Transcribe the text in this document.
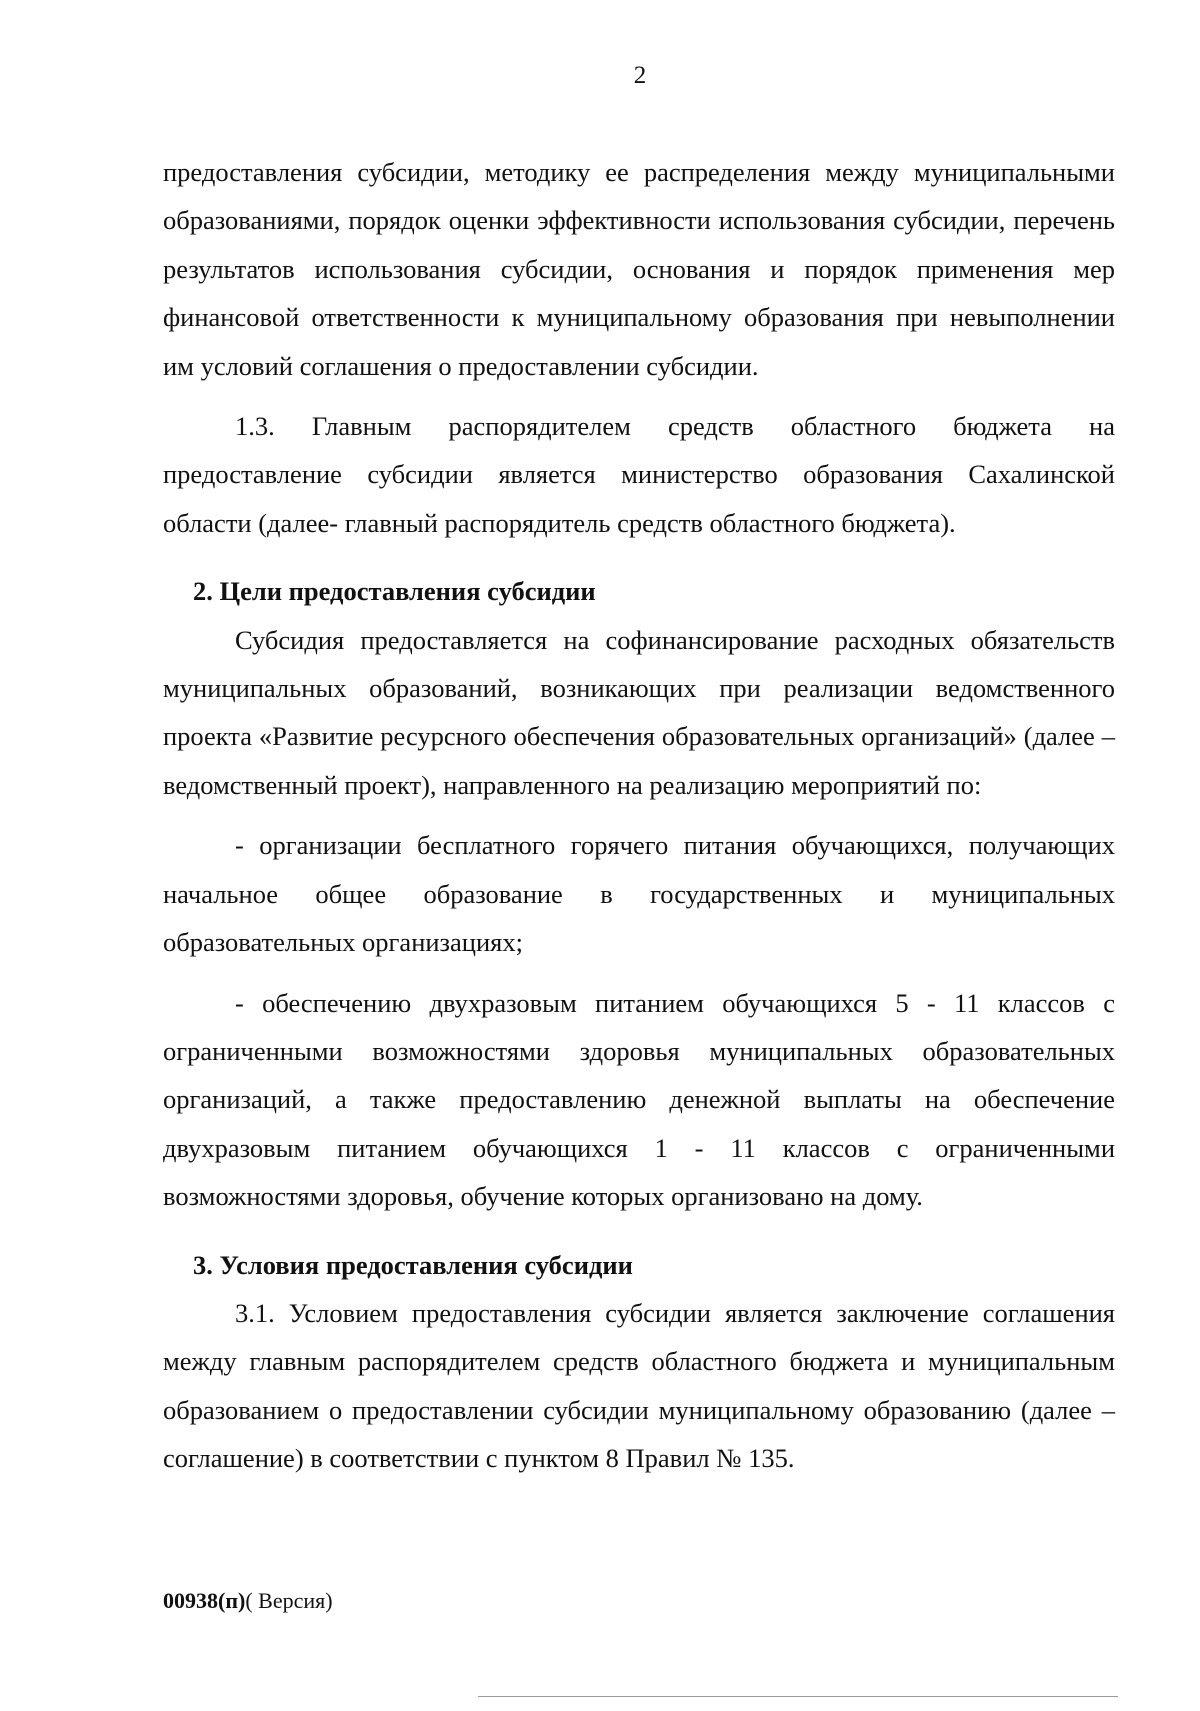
2

предоставления субсидии, методику ее распределения между муниципальными образованиями, порядок оценки эффективности использования субсидии, перечень результатов использования субсидии, основания и порядок применения мер финансовой ответственности к муниципальному образования при невыполнении им условий соглашения о предоставлении субсидии.

1.3. Главным распорядителем средств областного бюджета на предоставление субсидии является министерство образования Сахалинской области (далее- главный распорядитель средств областного бюджета).

2. Цели предоставления субсидии

Субсидия предоставляется на софинансирование расходных обязательств муниципальных образований, возникающих при реализации ведомственного проекта «Развитие ресурсного обеспечения образовательных организаций» (далее – ведомственный проект), направленного на реализацию мероприятий по:

- организации бесплатного горячего питания обучающихся, получающих начальное общее образование в государственных и муниципальных образовательных организациях;

- обеспечению двухразовым питанием обучающихся 5 - 11 классов с ограниченными возможностями здоровья муниципальных образовательных организаций, а также предоставлению денежной выплаты на обеспечение двухразовым питанием обучающихся 1 - 11 классов с ограниченными возможностями здоровья, обучение которых организовано на дому.

3. Условия предоставления субсидии

3.1. Условием предоставления субсидии является заключение соглашения между главным распорядителем средств областного бюджета и муниципальным образованием о предоставлении субсидии муниципальному образованию (далее – соглашение) в соответствии с пунктом 8 Правил № 135.

00938(п)( Версия)
